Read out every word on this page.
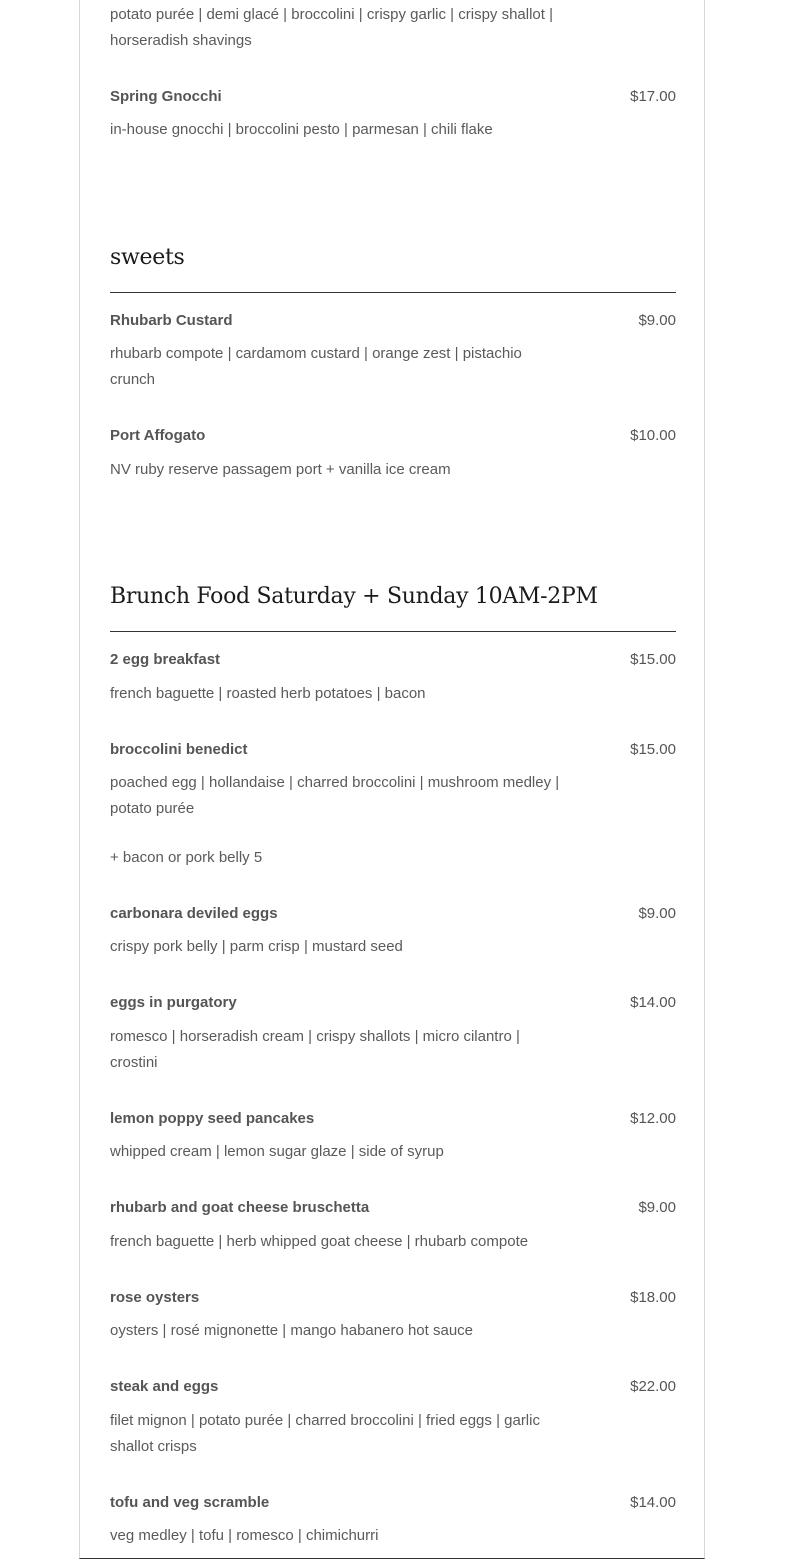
potato purée | demi glacé | broccolini | crispy garlic | crispy shallot | horseradish shavings

Spring Gnocchi	$17.00

in-house gnocchi | broccolini pesto | parmesan | chili flake

sweets
Rhubarb Custard	$9.00

rhubarb compote | cardamom custard | orange zest | pistachio crunch

Port Affogato	$10.00

NV ruby reserve passagem port + vanilla ice cream

Brunch Food Saturday + Sunday 10AM-2PM
2 egg breakfast	$15.00

french baguette | roasted herb potatoes | bacon

broccolini benedict	$15.00

poached egg | hollandaise | charred broccolini | mushroom medley | potato purée

+ bacon or pork belly 5

carbonara deviled eggs	$9.00

crispy pork belly | parm crisp | mustard seed

eggs in purgatory	$14.00

romesco | horseradish cream | crispy shallots | micro cilantro | crostini

lemon poppy seed pancakes	$12.00

whipped cream | lemon sugar glaze | side of syrup

rhubarb and goat cheese bruschetta	$9.00

french baguette | herb whipped goat cheese | rhubarb compote

rose oysters	$18.00

oysters | rosé mignonette | mango habanero hot sauce

steak and eggs	$22.00

filet mignon | potato purée | charred broccolini | fried eggs | garlic shallot crisps

tofu and veg scramble	$14.00

veg medley | tofu | romesco | chimichurri
